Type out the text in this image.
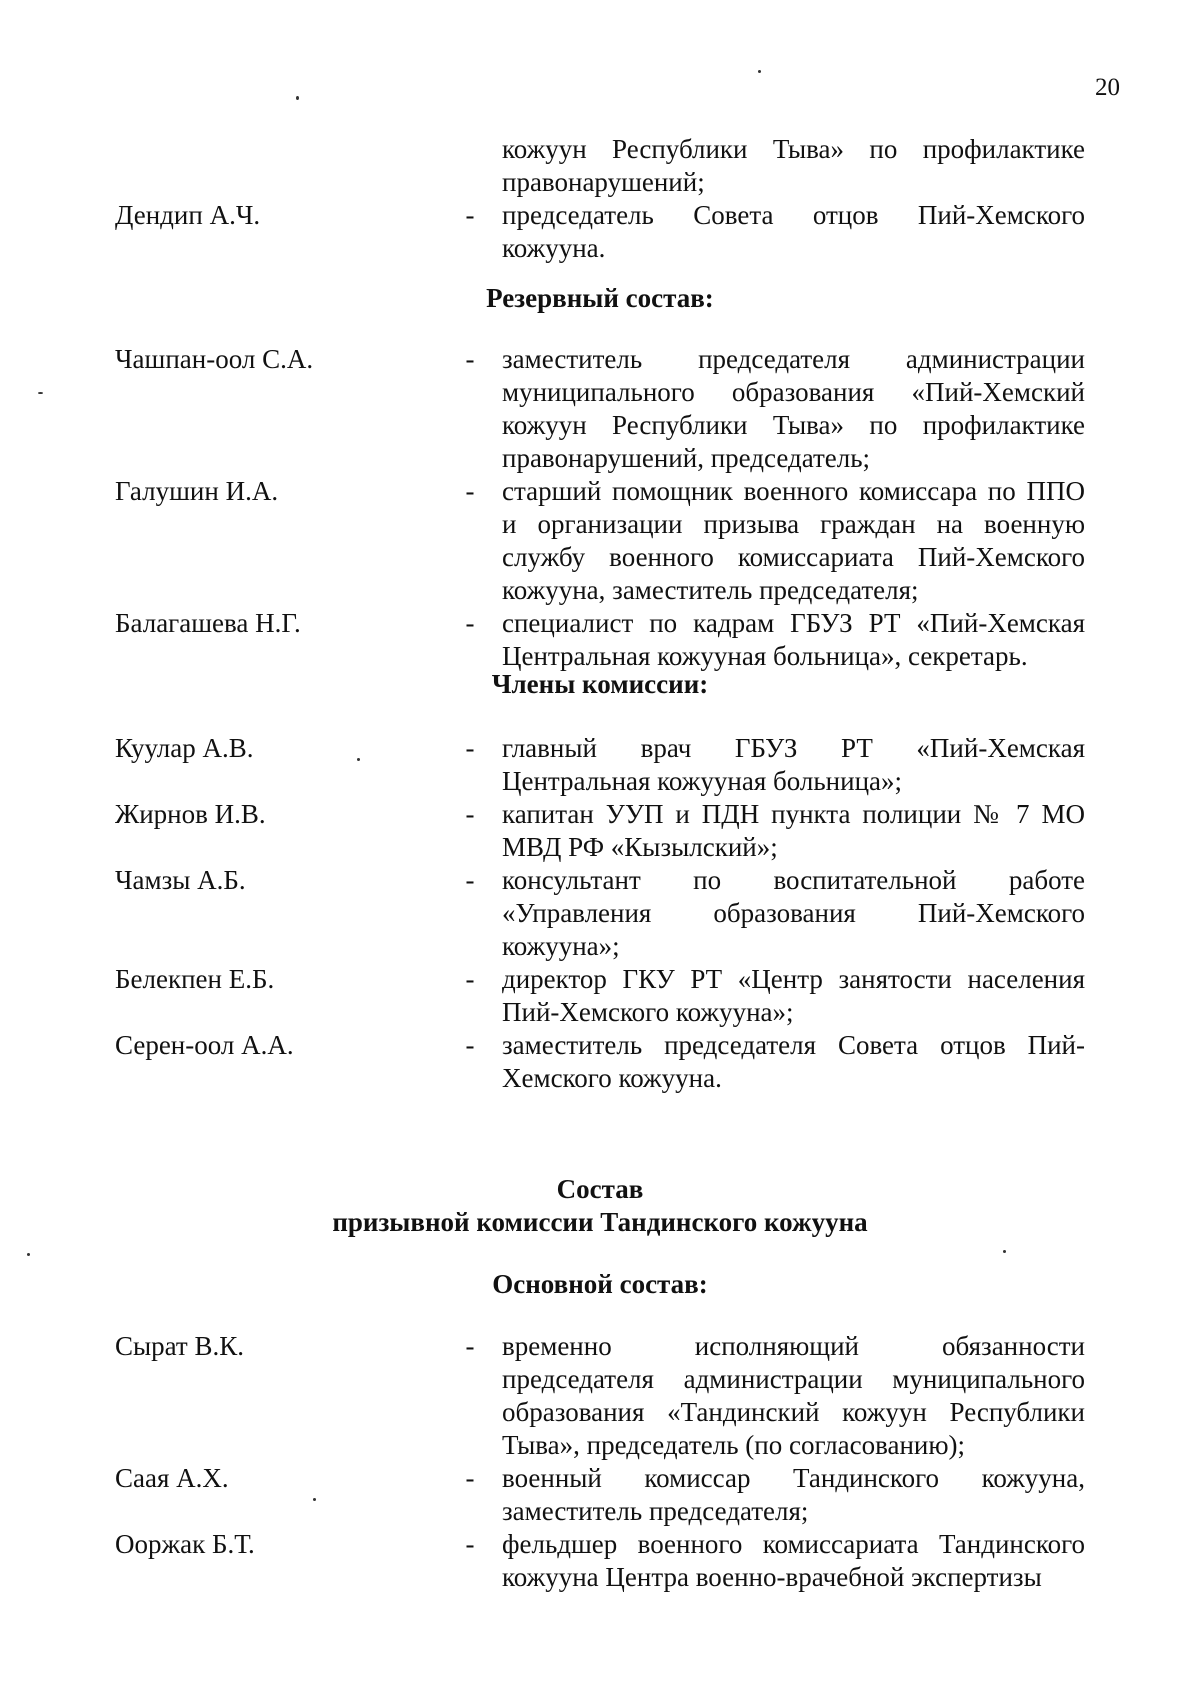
20
кожуун Республики Тыва» по профилактике правонарушений;
Дендип А.Ч.	-	председатель Совета отцов Пий-Хемского кожууна.
Резервный состав:
Чашпан-оол С.А.	-	заместитель председателя администрации муниципального образования «Пий-Хемский кожуун Республики Тыва» по профилактике правонарушений, председатель;
Галушин И.А.	-	старший помощник военного комиссара по ППО и организации призыва граждан на военную службу военного комиссариата Пий-Хемского кожууна, заместитель председателя;
Балагашева Н.Г.	-	специалист по кадрам ГБУЗ РТ «Пий-Хемская Центральная кожууная больница», секретарь.
Члены комиссии:
Куулар А.В.	-	главный врач ГБУЗ РТ «Пий-Хемская Центральная кожууная больница»;
Жирнов И.В.	-	капитан УУП и ПДН пункта полиции № 7 МО МВД РФ «Кызылский»;
Чамзы А.Б.	-	консультант по воспитательной работе «Управления образования Пий-Хемского кожууна»;
Белекпен Е.Б.	-	директор ГКУ РТ «Центр занятости населения Пий-Хемского кожууна»;
Серен-оол А.А.	-	заместитель председателя Совета отцов Пий-Хемского кожууна.
Состав
призывной комиссии Тандинского кожууна
Основной состав:
Сырат В.К.	-	временно исполняющий обязанности председателя администрации муниципального образования «Тандинский кожуун Республики Тыва», председатель (по согласованию);
Саая А.Х.	-	военный комиссар Тандинского кожууна, заместитель председателя;
Ооржак Б.Т.	-	фельдшер военного комиссариата Тандинского кожууна Центра военно-врачебной экспертизы
